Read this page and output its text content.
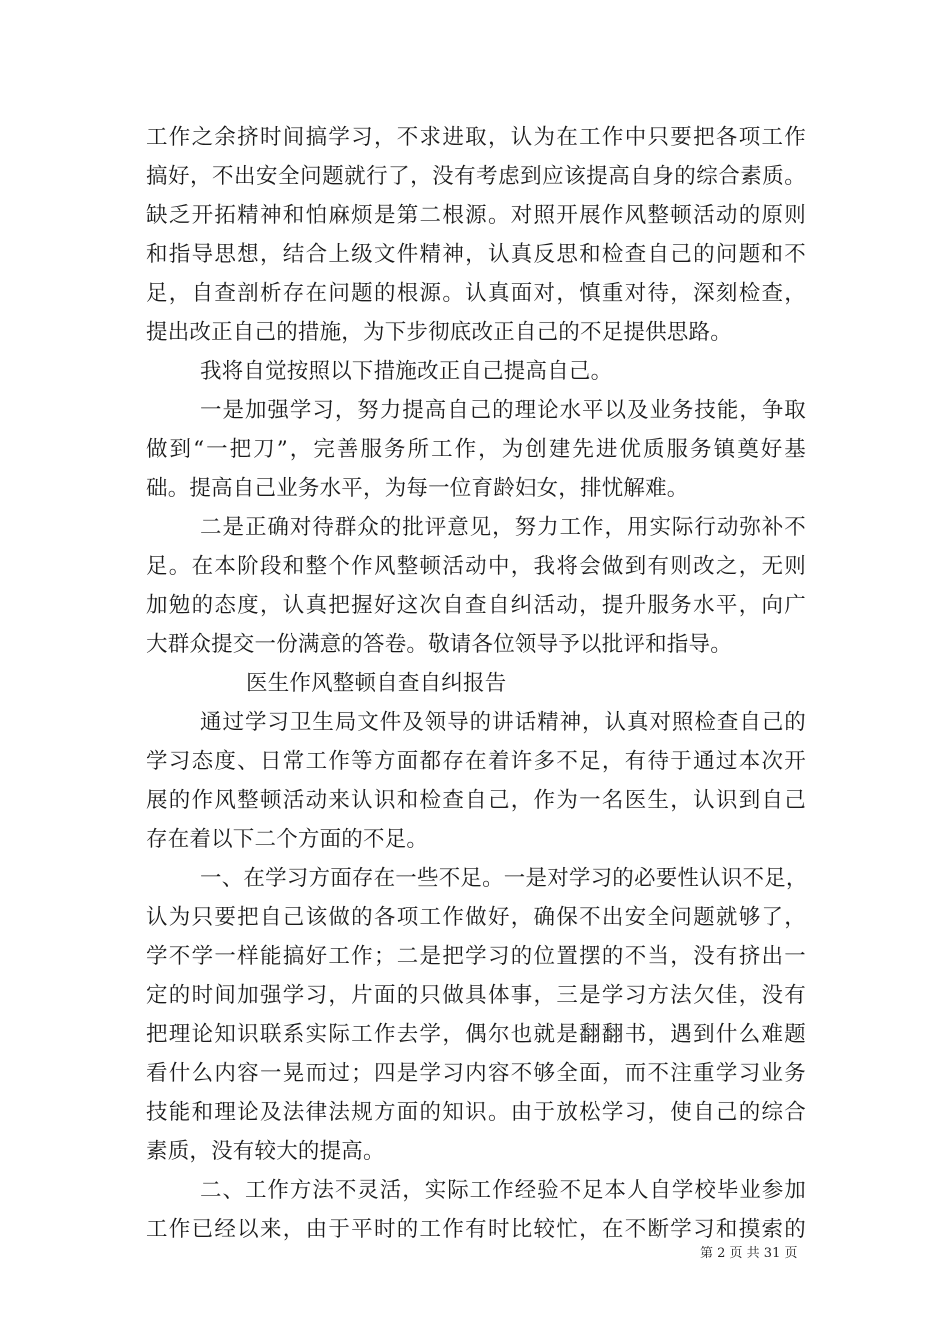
工作之余挤时间搞学习，不求进取，认为在工作中只要把各项工作
搞好，不出安全问题就行了，没有考虑到应该提高自身的综合素质。
缺乏开拓精神和怕麻烦是第二根源。对照开展作风整顿活动的原则
和指导思想，结合上级文件精神，认真反思和检查自己的问题和不
足，自查剖析存在问题的根源。认真面对，慎重对待，深刻检查，
提出改正自己的措施，为下步彻底改正自己的不足提供思路。
我将自觉按照以下措施改正自己提高自己。
一是加强学习，努力提高自己的理论水平以及业务技能，争取
做到“一把刀”，完善服务所工作，为创建先进优质服务镇奠好基
础。提高自己业务水平，为每一位育龄妇女，排忧解难。
二是正确对待群众的批评意见，努力工作，用实际行动弥补不
足。在本阶段和整个作风整顿活动中，我将会做到有则改之，无则
加勉的态度，认真把握好这次自查自纠活动，提升服务水平，向广
大群众提交一份满意的答卷。敬请各位领导予以批评和指导。
医生作风整顿自查自纠报告
通过学习卫生局文件及领导的讲话精神，认真对照检查自己的
学习态度、日常工作等方面都存在着许多不足，有待于通过本次开
展的作风整顿活动来认识和检查自己，作为一名医生，认识到自己
存在着以下二个方面的不足。
一、在学习方面存在一些不足。一是对学习的必要性认识不足，
认为只要把自己该做的各项工作做好，确保不出安全问题就够了，
学不学一样能搞好工作；二是把学习的位置摆的不当，没有挤出一
定的时间加强学习，片面的只做具体事，三是学习方法欠佳，没有
把理论知识联系实际工作去学，偶尔也就是翻翻书，遇到什么难题
看什么内容一晃而过；四是学习内容不够全面，而不注重学习业务
技能和理论及法律法规方面的知识。由于放松学习，使自己的综合
素质，没有较大的提高。
二、工作方法不灵活，实际工作经验不足本人自学校毕业参加
工作已经以来，由于平时的工作有时比较忙，在不断学习和摸索的
第 2 页 共 31 页
